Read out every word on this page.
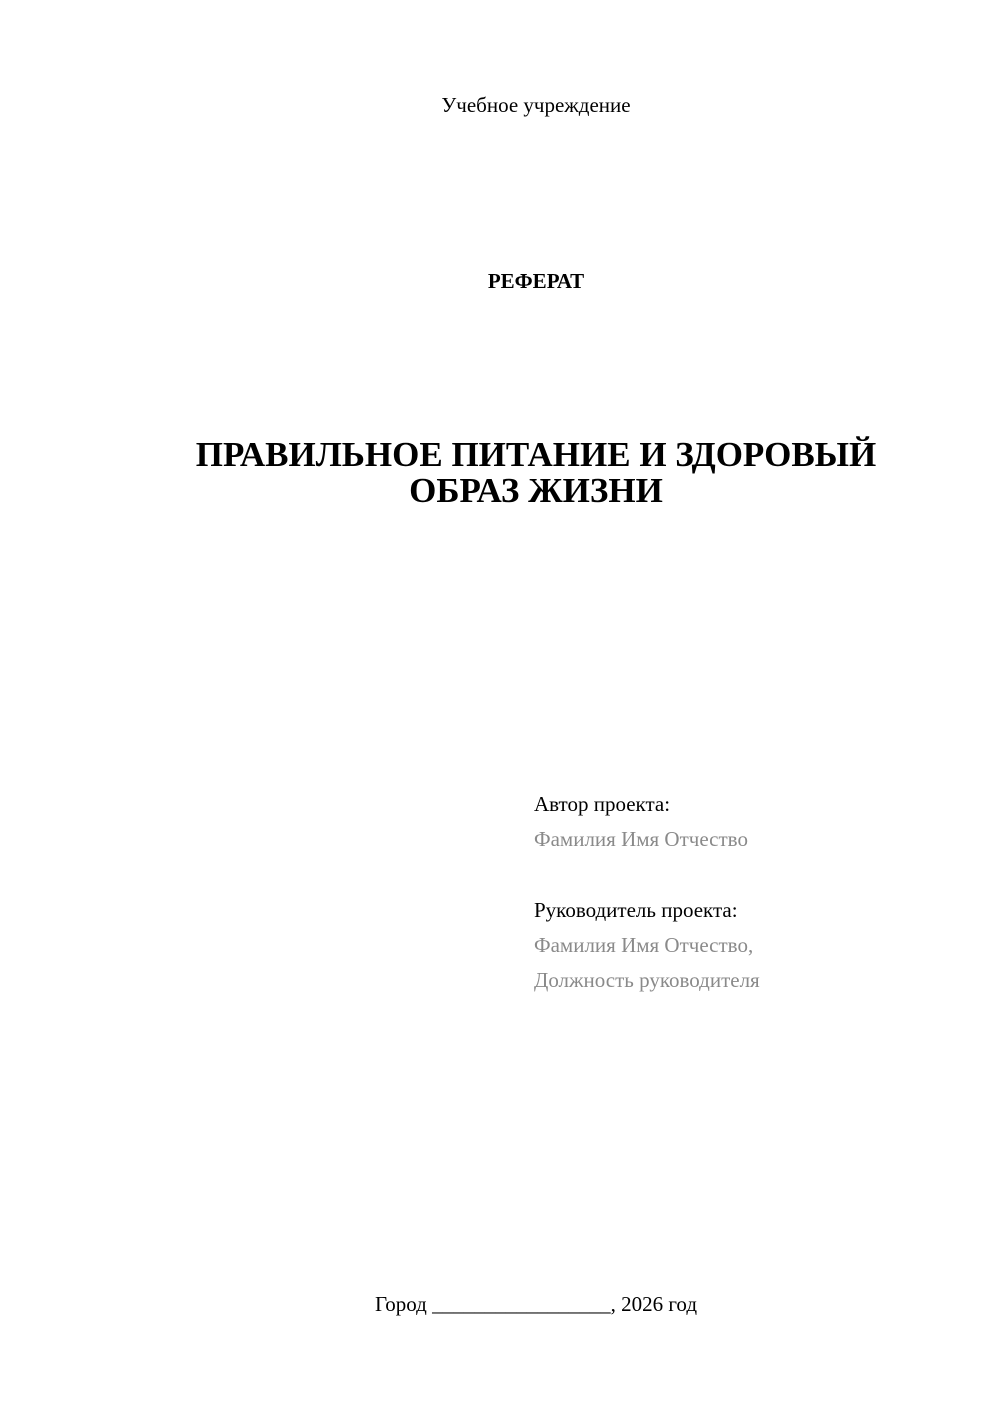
Учебное учреждение
РЕФЕРАТ
ПРАВИЛЬНОЕ ПИТАНИЕ И ЗДОРОВЫЙ
ОБРАЗ ЖИЗНИ
Автор проекта:
Фамилия Имя Отчество
Руководитель проекта:
Фамилия Имя Отчество,
Должность руководителя
Город _________________, 2026 год
